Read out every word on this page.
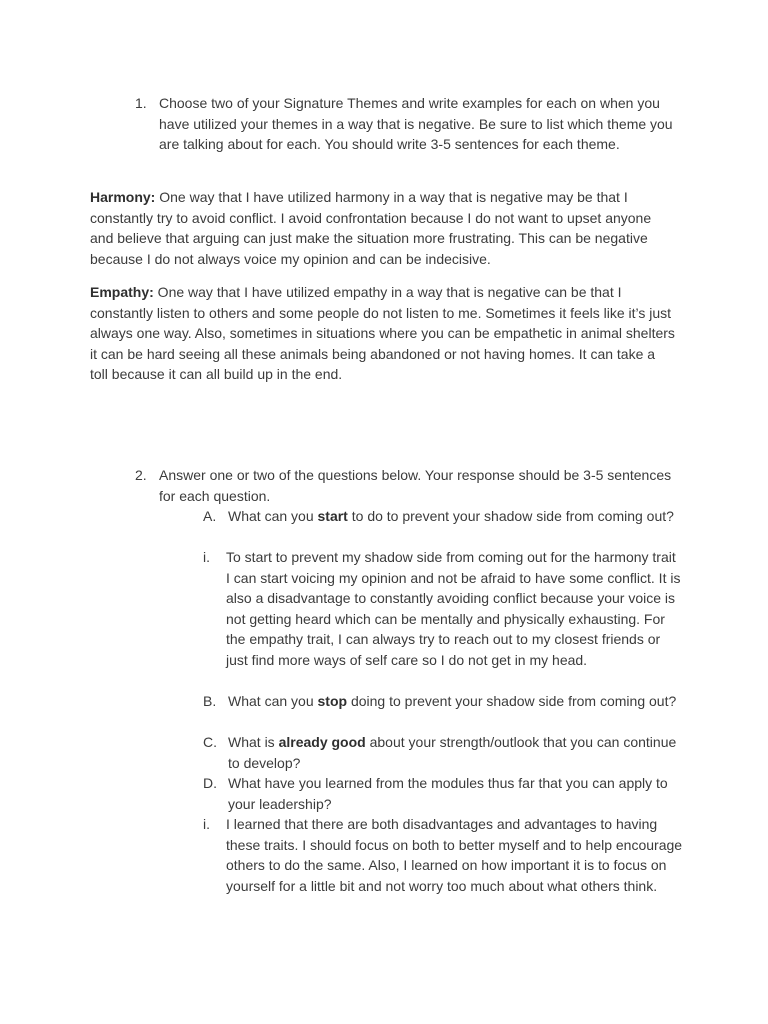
1. Choose two of your Signature Themes and write examples for each on when you have utilized your themes in a way that is negative. Be sure to list which theme you are talking about for each. You should write 3-5 sentences for each theme.
Harmony: One way that I have utilized harmony in a way that is negative may be that I constantly try to avoid conflict. I avoid confrontation because I do not want to upset anyone and believe that arguing can just make the situation more frustrating. This can be negative because I do not always voice my opinion and can be indecisive.
Empathy: One way that I have utilized empathy in a way that is negative can be that I constantly listen to others and some people do not listen to me. Sometimes it feels like it’s just always one way. Also, sometimes in situations where you can be empathetic in animal shelters it can be hard seeing all these animals being abandoned or not having homes. It can take a toll because it can all build up in the end.
2. Answer one or two of the questions below. Your response should be 3-5 sentences for each question.
A. What can you start to do to prevent your shadow side from coming out?
i. To start to prevent my shadow side from coming out for the harmony trait I can start voicing my opinion and not be afraid to have some conflict. It is also a disadvantage to constantly avoiding conflict because your voice is not getting heard which can be mentally and physically exhausting. For the empathy trait, I can always try to reach out to my closest friends or just find more ways of self care so I do not get in my head.
B. What can you stop doing to prevent your shadow side from coming out?
C. What is already good about your strength/outlook that you can continue to develop?
D. What have you learned from the modules thus far that you can apply to your leadership?
i. I learned that there are both disadvantages and advantages to having these traits. I should focus on both to better myself and to help encourage others to do the same. Also, I learned on how important it is to focus on yourself for a little bit and not worry too much about what others think.
